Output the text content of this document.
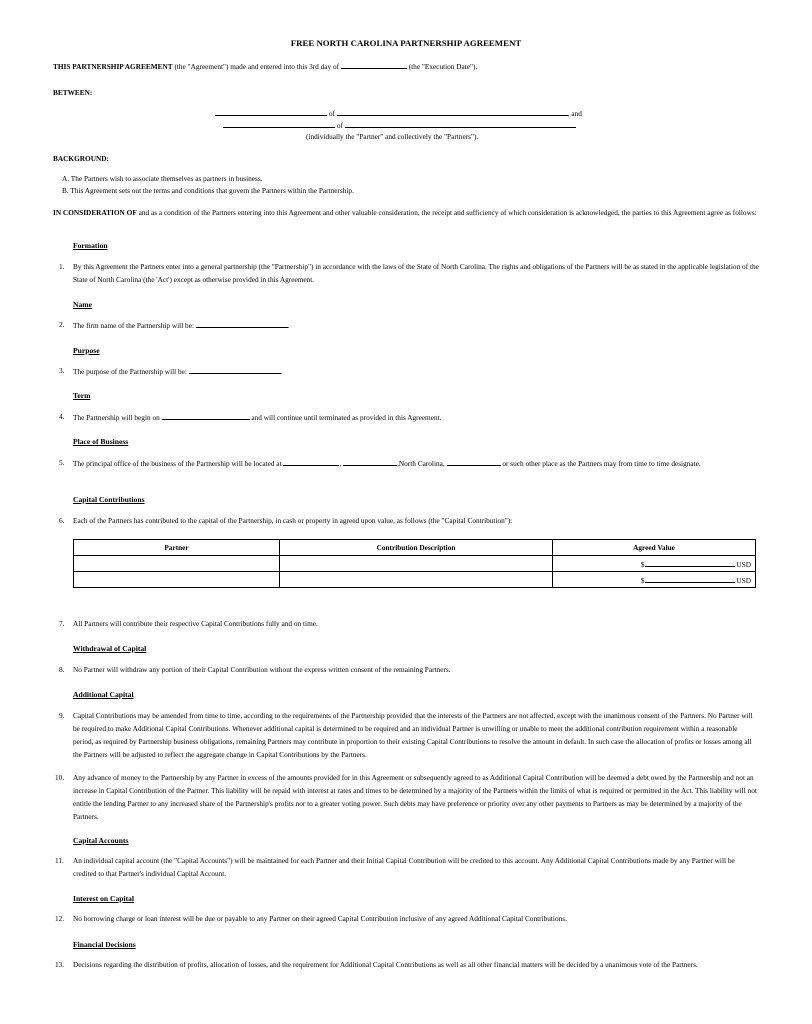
FREE NORTH CAROLINA PARTNERSHIP AGREEMENT
THIS PARTNERSHIP AGREEMENT (the "Agreement") made and entered into this 3rd day of	(the "Execution Date"),
BETWEEN:
of	, and
of
(individually the "Partner" and collectively the "Partners").
BACKGROUND:
A. The Partners wish to associate themselves as partners in business.
B. This Agreement sets out the terms and conditions that govern the Partners within the Partnership.
IN CONSIDERATION OF and as a condition of the Partners entering into this Agreement and other valuable consideration, the receipt and sufficiency of which consideration is acknowledged, the parties to this Agreement agree as follows:
Formation
1. By this Agreement the Partners enter into a general partnership (the "Partnership") in accordance with the laws of the State of North Carolina. The rights and obligations of the Partners will be as stated in the applicable legislation of the State of North Carolina (the 'Act') except as otherwise provided in this Agreement.
Name
2. The firm name of the Partnership will be:	.
Purpose
3. The purpose of the Partnership will be:	.
Term
4. The Partnership will begin on	and will continue until terminated as provided in this Agreement.
Place of Business
5. The principal office of the business of the Partnership will be located at	,	,North Carolina,	or such other place as the Partners may from time to time designate.
Capital Contributions
6. Each of the Partners has contributed to the capital of the Partnership, in cash or property in agreed upon value, as follows (the "Capital Contribution"):
Partner	Contribution Description	Agreed Value
		$ USD
		$ USD
7. All Partners will contribute their respective Capital Contributions fully and on time.
Withdrawal of Capital
8. No Partner will withdraw any portion of their Capital Contribution without the express written consent of the remaining Partners.
Additional Capital
9. Capital Contributions may be amended from time to time, according to the requirements of the Partnership provided that the interests of the Partners are not affected, except with the unanimous consent of the Partners. No Partner will be required to make Additional Capital Contributions. Whenever additional capital is determined to be required and an individual Partner is unwilling or unable to meet the additional contribution requirement within a reasonable period, as required by Partnership business obligations, remaining Partners may contribute in proportion to their existing Capital Contributions to resolve the amount in default. In such case the allocation of profits or losses among all the Partners will be adjusted to reflect the aggregate change in Capital Contributions by the Partners.
10. Any advance of money to the Partnership by any Partner in excess of the amounts provided for in this Agreement or subsequently agreed to as Additional Capital Contribution will be deemed a debt owed by the Partnership and not an increase in Capital Contribution of the Partner. This liability will be repaid with interest at rates and times to be determined by a majority of the Partners within the limits of what is required or permitted in the Act. This liability will not entitle the lending Partner to any increased share of the Partnership's profits nor to a greater voting power. Such debts may have preference or priority over any other payments to Partners as may be determined by a majority of the Partners.
Capital Accounts
11. An individual capital account (the "Capital Accounts") will be maintained for each Partner and their Initial Capital Contribution will be credited to this account. Any Additional Capital Contributions made by any Partner will be credited to that Partner's individual Capital Account.
Interest on Capital
12. No borrowing charge or loan interest will be due or payable to any Partner on their agreed Capital Contribution inclusive of any agreed Additional Capital Contributions.
Financial Decisions
13. Decisions regarding the distribution of profits, allocation of losses, and the requirement for Additional Capital Contributions as well as all other financial matters will be decided by a unanimous vote of the Partners.
